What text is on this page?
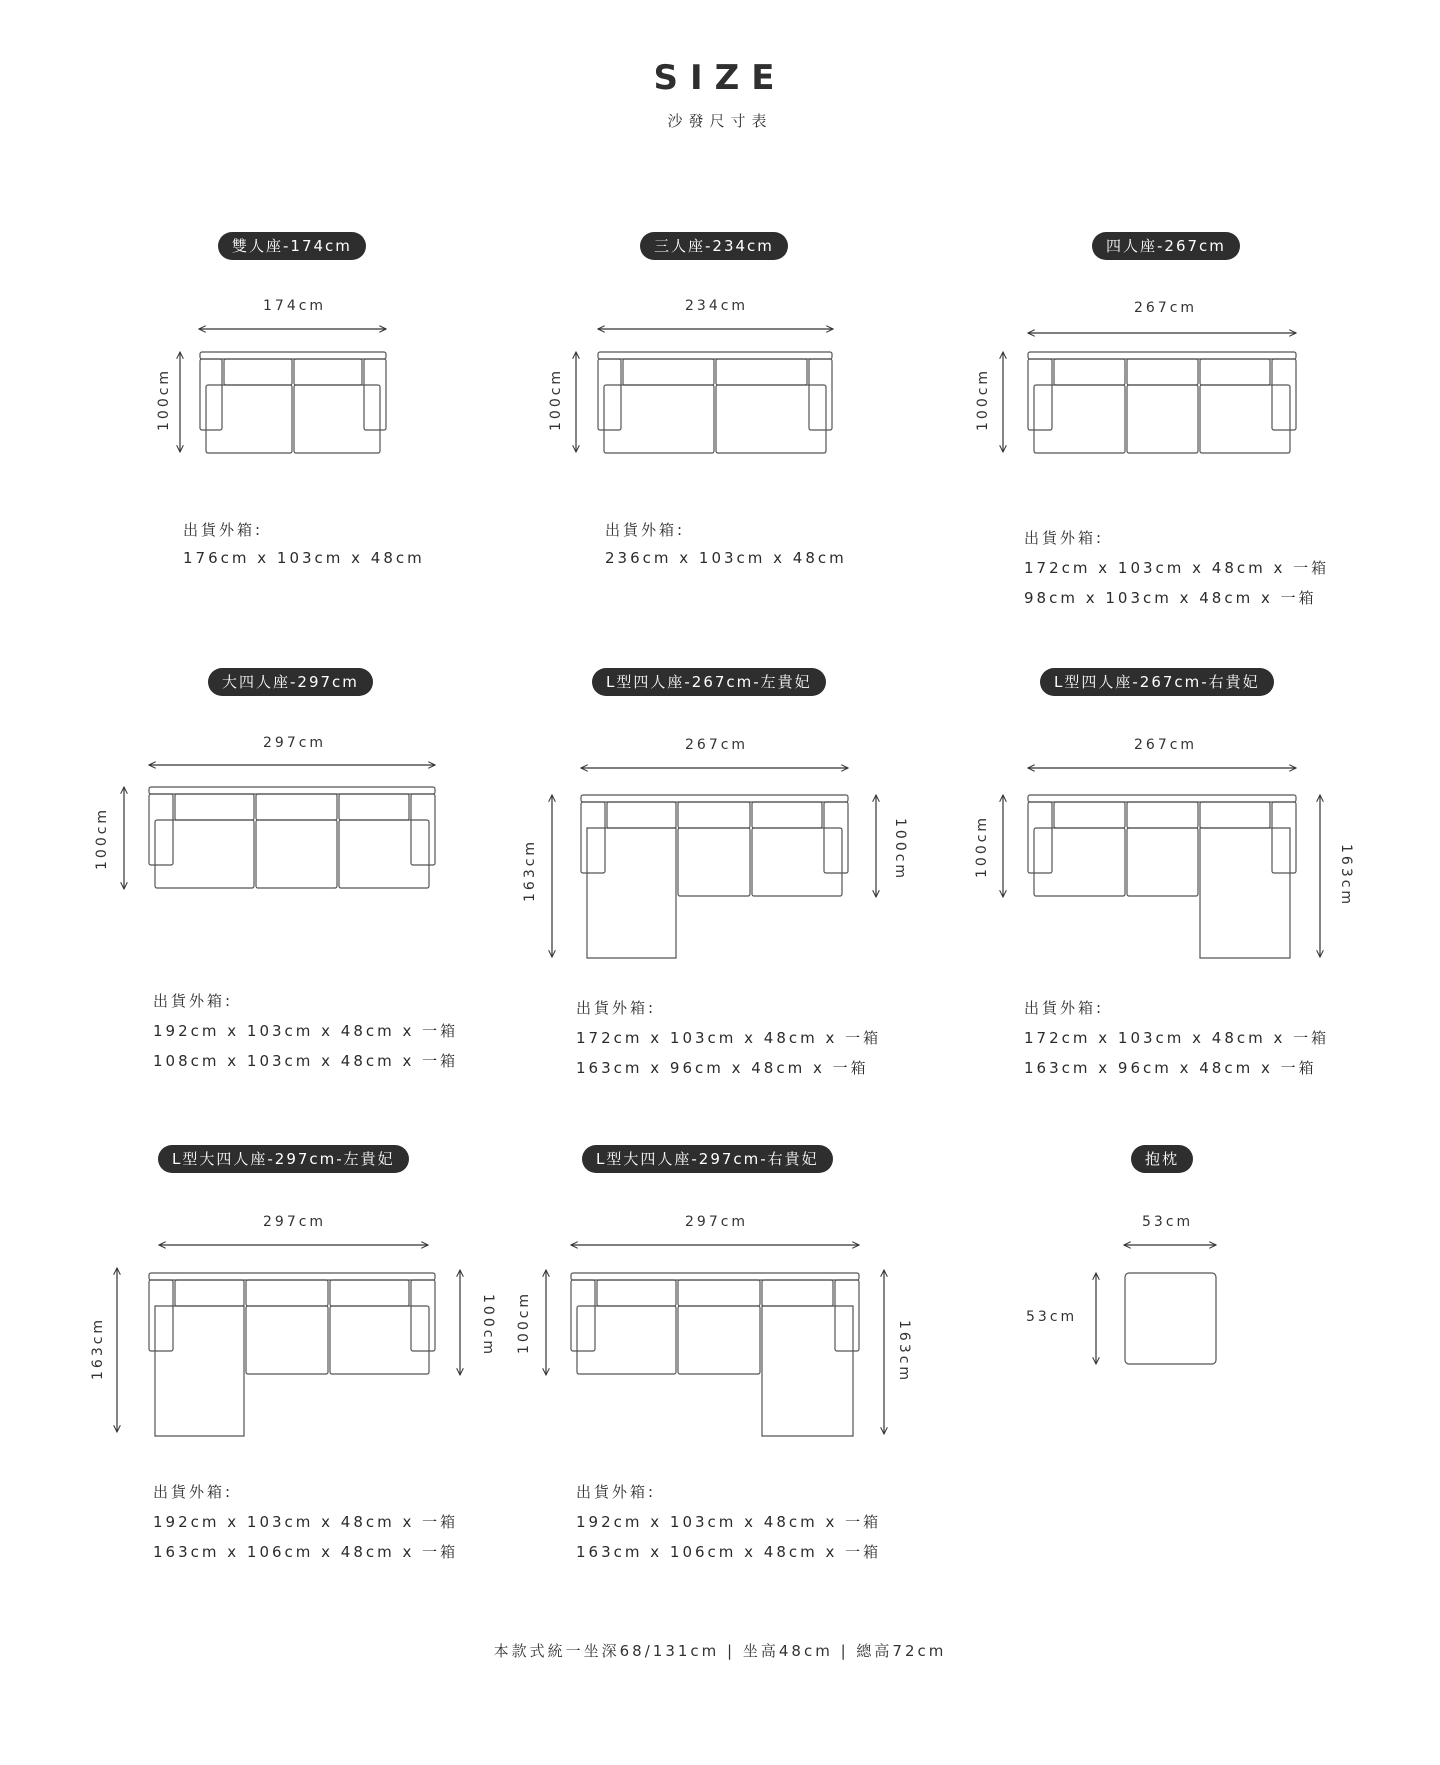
SIZE
沙發尺寸表
雙人座-174cm	三人座-234cm	四人座-267cm
大四人座-297cm	L型四人座-267cm-左貴妃	L型四人座-267cm-右貴妃
L型大四人座-297cm-左貴妃	L型大四人座-297cm-右貴妃	抱枕
174cm	234cm	267cm
297cm	267cm	267cm
297cm	297cm	53cm
53cm
100cm	100cm	100cm
100cm
163cm	100cm	100cm	163cm
163cm	100cm 100cm	163cm
出貨外箱:
176cm x 103cm x 48cm
出貨外箱:
236cm x 103cm x 48cm
出貨外箱:
172cm x 103cm x 48cm x 一箱
98cm x 103cm x 48cm x 一箱
出貨外箱:
192cm x 103cm x 48cm x 一箱
108cm x 103cm x 48cm x 一箱
出貨外箱:
172cm x 103cm x 48cm x 一箱
163cm x 96cm x 48cm x 一箱
出貨外箱:
172cm x 103cm x 48cm x 一箱
163cm x 96cm x 48cm x 一箱
出貨外箱:
192cm x 103cm x 48cm x 一箱
163cm x 106cm x 48cm x 一箱
出貨外箱:
192cm x 103cm x 48cm x 一箱
163cm x 106cm x 48cm x 一箱
本款式統一坐深68/131cm | 坐高48cm | 總高72cm
